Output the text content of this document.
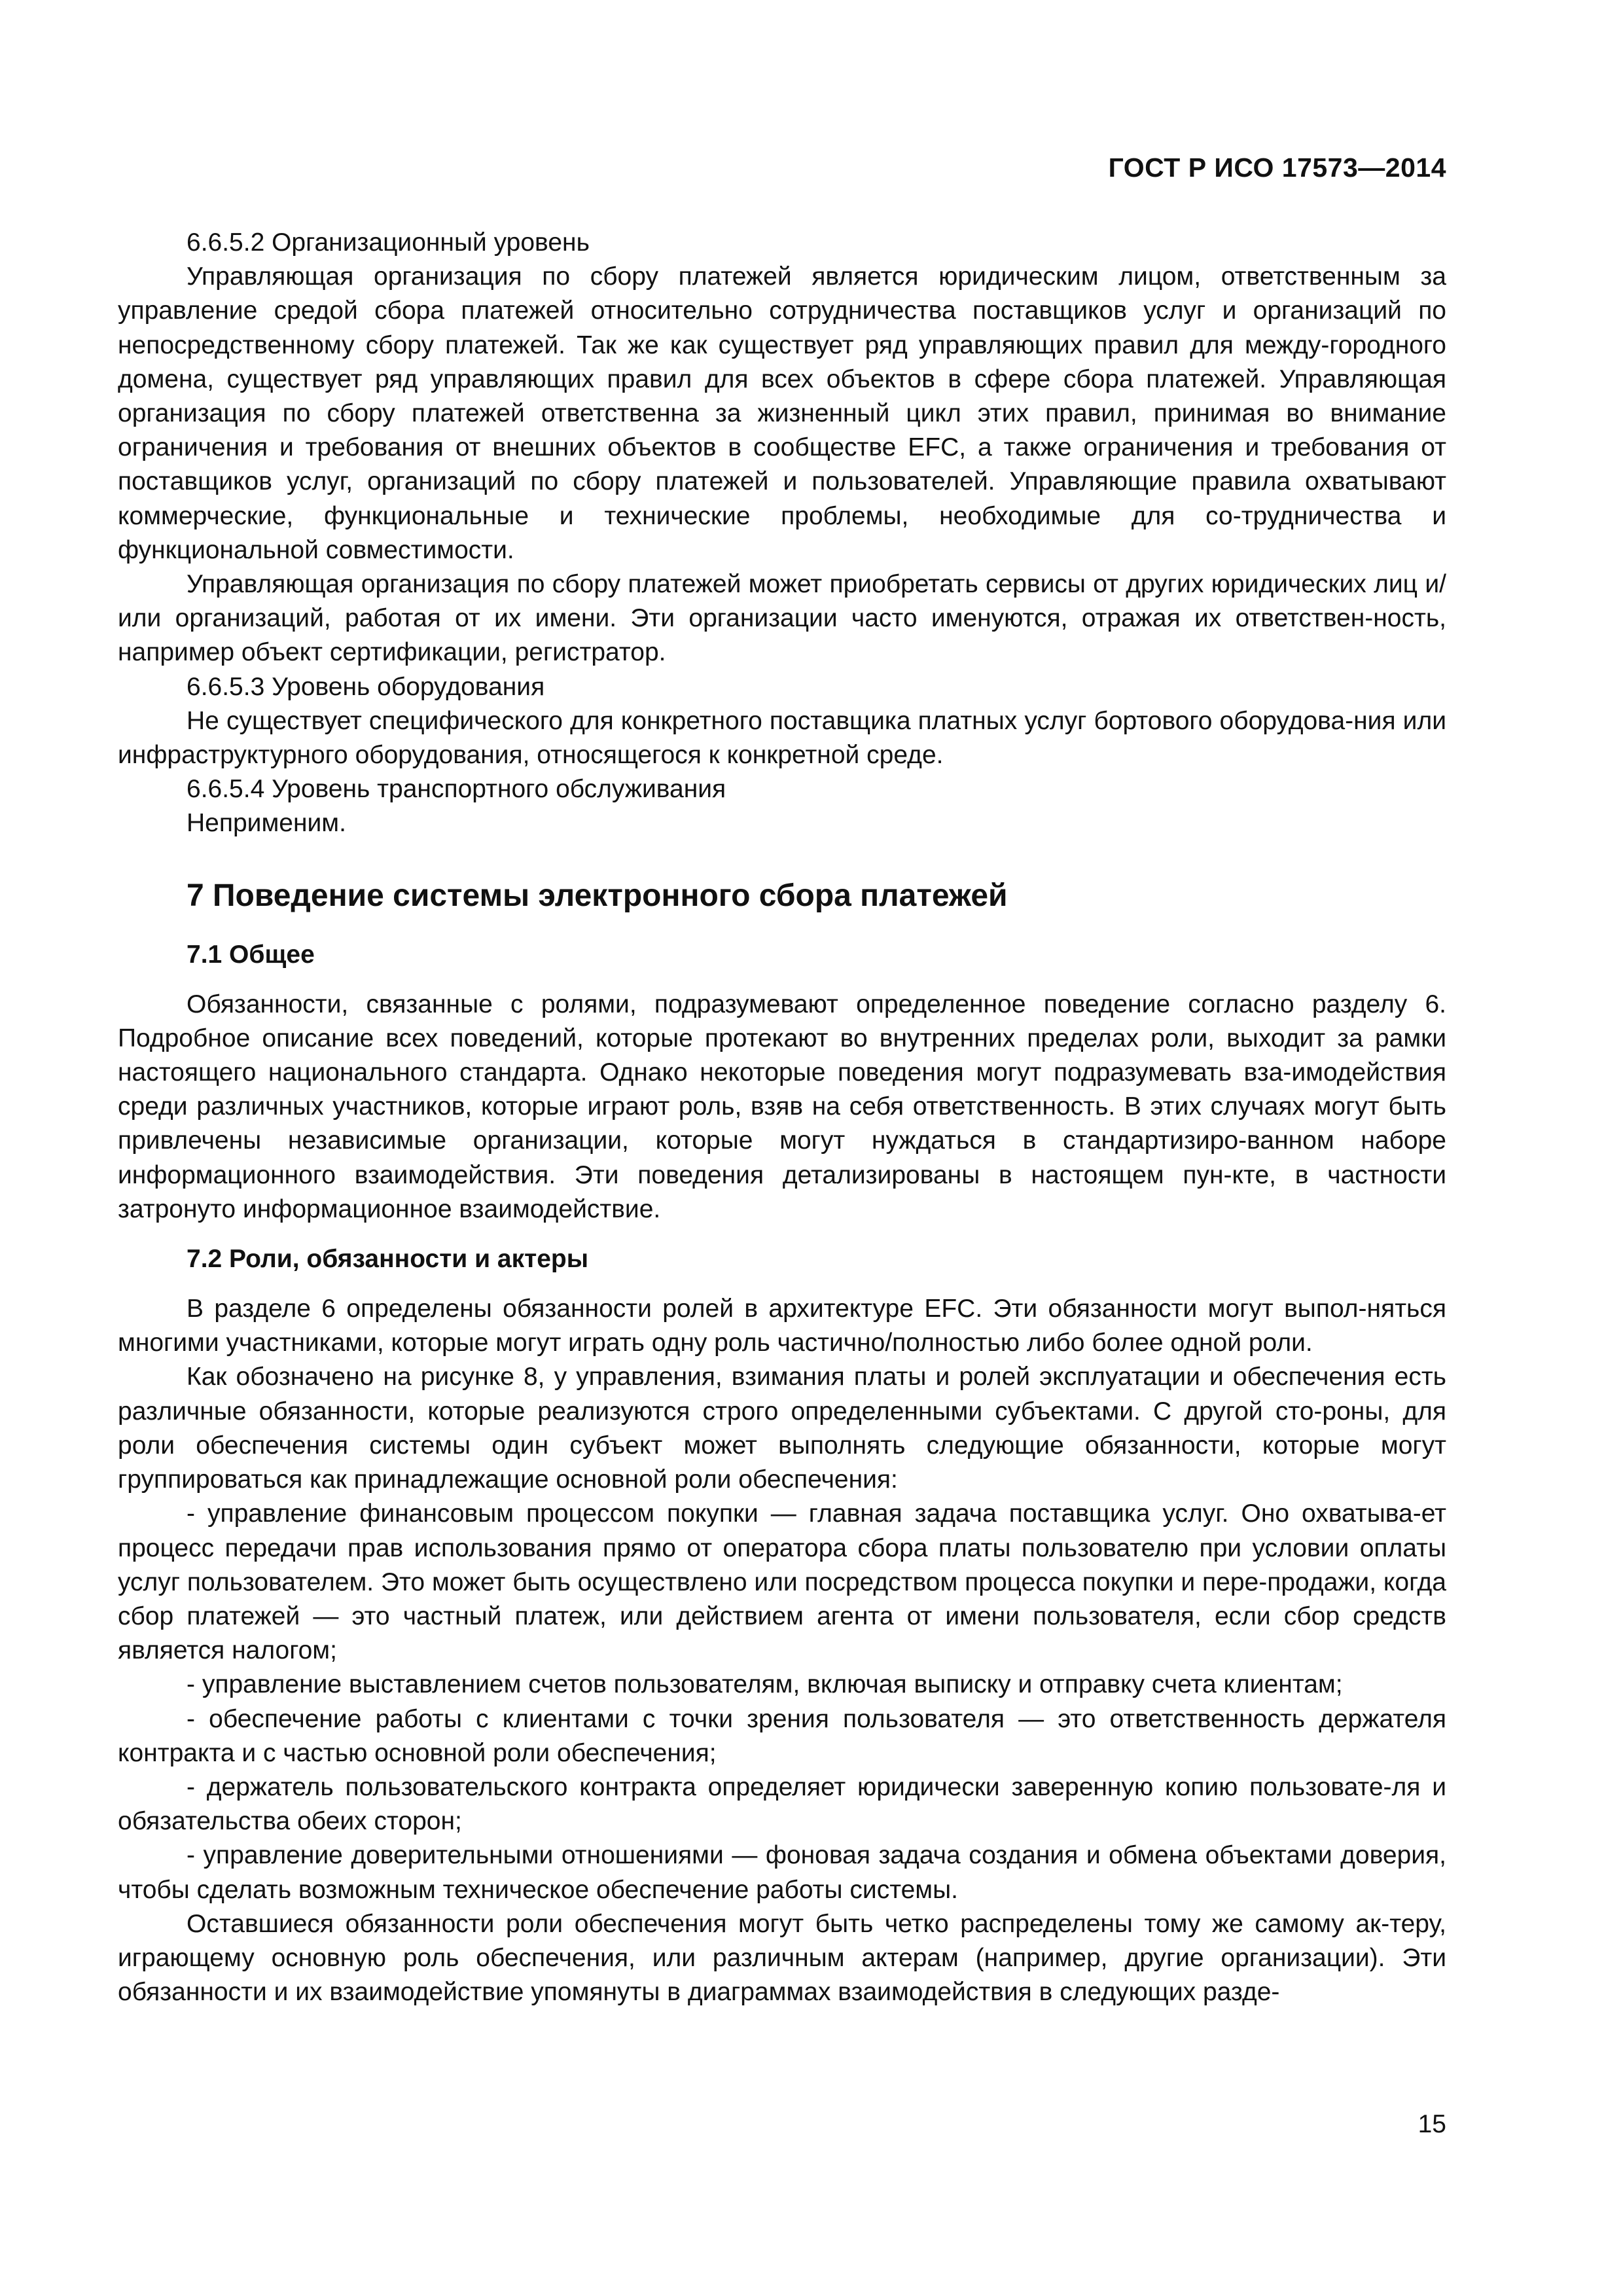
ГОСТ Р ИСО 17573—2014

6.6.5.2 Организационный уровень

Управляющая организация по сбору платежей является юридическим лицом, ответственным за управление средой сбора платежей относительно сотрудничества поставщиков услуг и организаций по непосредственному сбору платежей. Так же как существует ряд управляющих правил для между-городного домена, существует ряд управляющих правил для всех объектов в сфере сбора платежей. Управляющая организация по сбору платежей ответственна за жизненный цикл этих правил, принимая во внимание ограничения и требования от внешних объектов в сообществе EFC, а также ограничения и требования от поставщиков услуг, организаций по сбору платежей и пользователей. Управляющие правила охватывают коммерческие, функциональные и технические проблемы, необходимые для со-трудничества и функциональной совместимости.

Управляющая организация по сбору платежей может приобретать сервисы от других юридических лиц и/или организаций, работая от их имени. Эти организации часто именуются, отражая их ответствен-ность, например объект сертификации, регистратор.

6.6.5.3 Уровень оборудования

Не существует специфического для конкретного поставщика платных услуг бортового оборудова-ния или инфраструктурного оборудования, относящегося к конкретной среде.

6.6.5.4 Уровень транспортного обслуживания

Неприменим.

7 Поведение системы электронного сбора платежей
7.1 Общее

Обязанности, связанные с ролями, подразумевают определенное поведение согласно разделу 6. Подробное описание всех поведений, которые протекают во внутренних пределах роли, выходит за рамки настоящего национального стандарта. Однако некоторые поведения могут подразумевать вза-имодействия среди различных участников, которые играют роль, взяв на себя ответственность. В этих случаях могут быть привлечены независимые организации, которые могут нуждаться в стандартизиро-ванном наборе информационного взаимодействия. Эти поведения детализированы в настоящем пун-кте, в частности затронуто информационное взаимодействие.

7.2 Роли, обязанности и актеры

В разделе 6 определены обязанности ролей в архитектуре EFC. Эти обязанности могут выпол-няться многими участниками, которые могут играть одну роль частично/полностью либо более одной роли.

Как обозначено на рисунке 8, у управления, взимания платы и ролей эксплуатации и обеспечения есть различные обязанности, которые реализуются строго определенными субъектами. С другой сто-роны, для роли обеспечения системы один субъект может выполнять следующие обязанности, которые могут группироваться как принадлежащие основной роли обеспечения:

- управление финансовым процессом покупки — главная задача поставщика услуг. Оно охватыва-ет процесс передачи прав использования прямо от оператора сбора платы пользователю при условии оплаты услуг пользователем. Это может быть осуществлено или посредством процесса покупки и пере-продажи, когда сбор платежей — это частный платеж, или действием агента от имени пользователя, если сбор средств является налогом;

- управление выставлением счетов пользователям, включая выписку и отправку счета клиентам;

- обеспечение работы с клиентами с точки зрения пользователя — это ответственность держателя контракта и с частью основной роли обеспечения;

- держатель пользовательского контракта определяет юридически заверенную копию пользовате-ля и обязательства обеих сторон;

- управление доверительными отношениями — фоновая задача создания и обмена объектами доверия, чтобы сделать возможным техническое обеспечение работы системы.

Оставшиеся обязанности роли обеспечения могут быть четко распределены тому же самому ак-теру, играющему основную роль обеспечения, или различным актерам (например, другие организации). Эти обязанности и их взаимодействие упомянуты в диаграммах взаимодействия в следующих разде-

15
